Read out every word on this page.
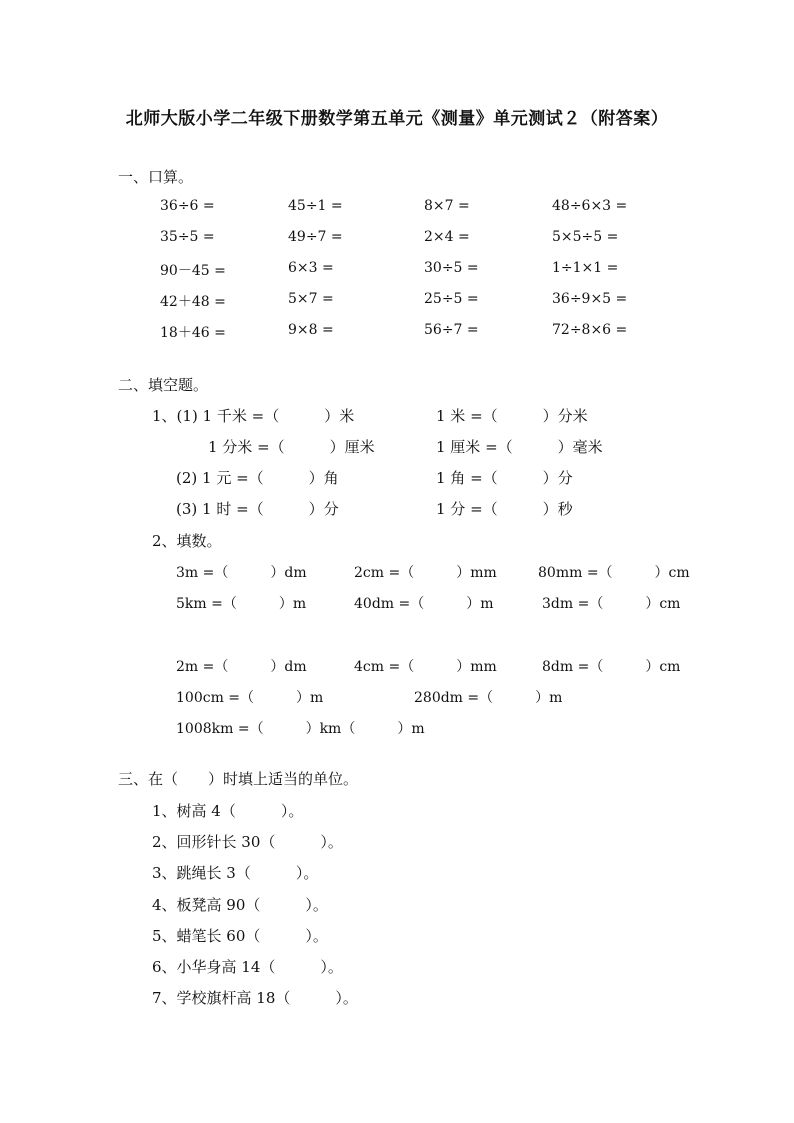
北师大版小学二年级下册数学第五单元《测量》单元测试２（附答案）
一、口算。
36÷6 =	45÷1 =	8×7 =	48÷6×3 =
35÷5 =	49÷7 =	2×4 =	5×5÷5 =
90－45 =	6×3 =	30÷5 =	1÷1×1 =
42＋48 =	5×7 =	25÷5 =	36÷9×5 =
18＋46 =	9×8 =	56÷7 =	72÷8×6 =
二、填空题。
1、(1) 1 千米 =（　　　）米	1 米 =（　　　）分米
1 分米 =（　　　）厘米	1 厘米 =（　　　）毫米
(2) 1 元 =（　　　）角	1 角 =（　　　）分
(3) 1 时 =（　　　）分	1 分 =（　　　）秒
2、填数。
3m =（　　　）dm	2cm =（　　　）mm	80mm =（　　　）cm
5km =（　　　）m	40dm =（　　　）m	3dm =（　　　）cm
2m =（　　　）dm	4cm =（　　　）mm	8dm =（　　　）cm
100cm =（　　　）m	280dm =（　　　）m
1008km =（　　　）km（　　　）m
三、在（　　）时填上适当的单位。
1、树高 4（　　　）。
2、回形针长 30（　　　）。
3、跳绳长 3（　　　）。
4、板凳高 90（　　　）。
5、蜡笔长 60（　　　）。
6、小华身高 14（　　　）。
7、学校旗杆高 18（　　　）。
